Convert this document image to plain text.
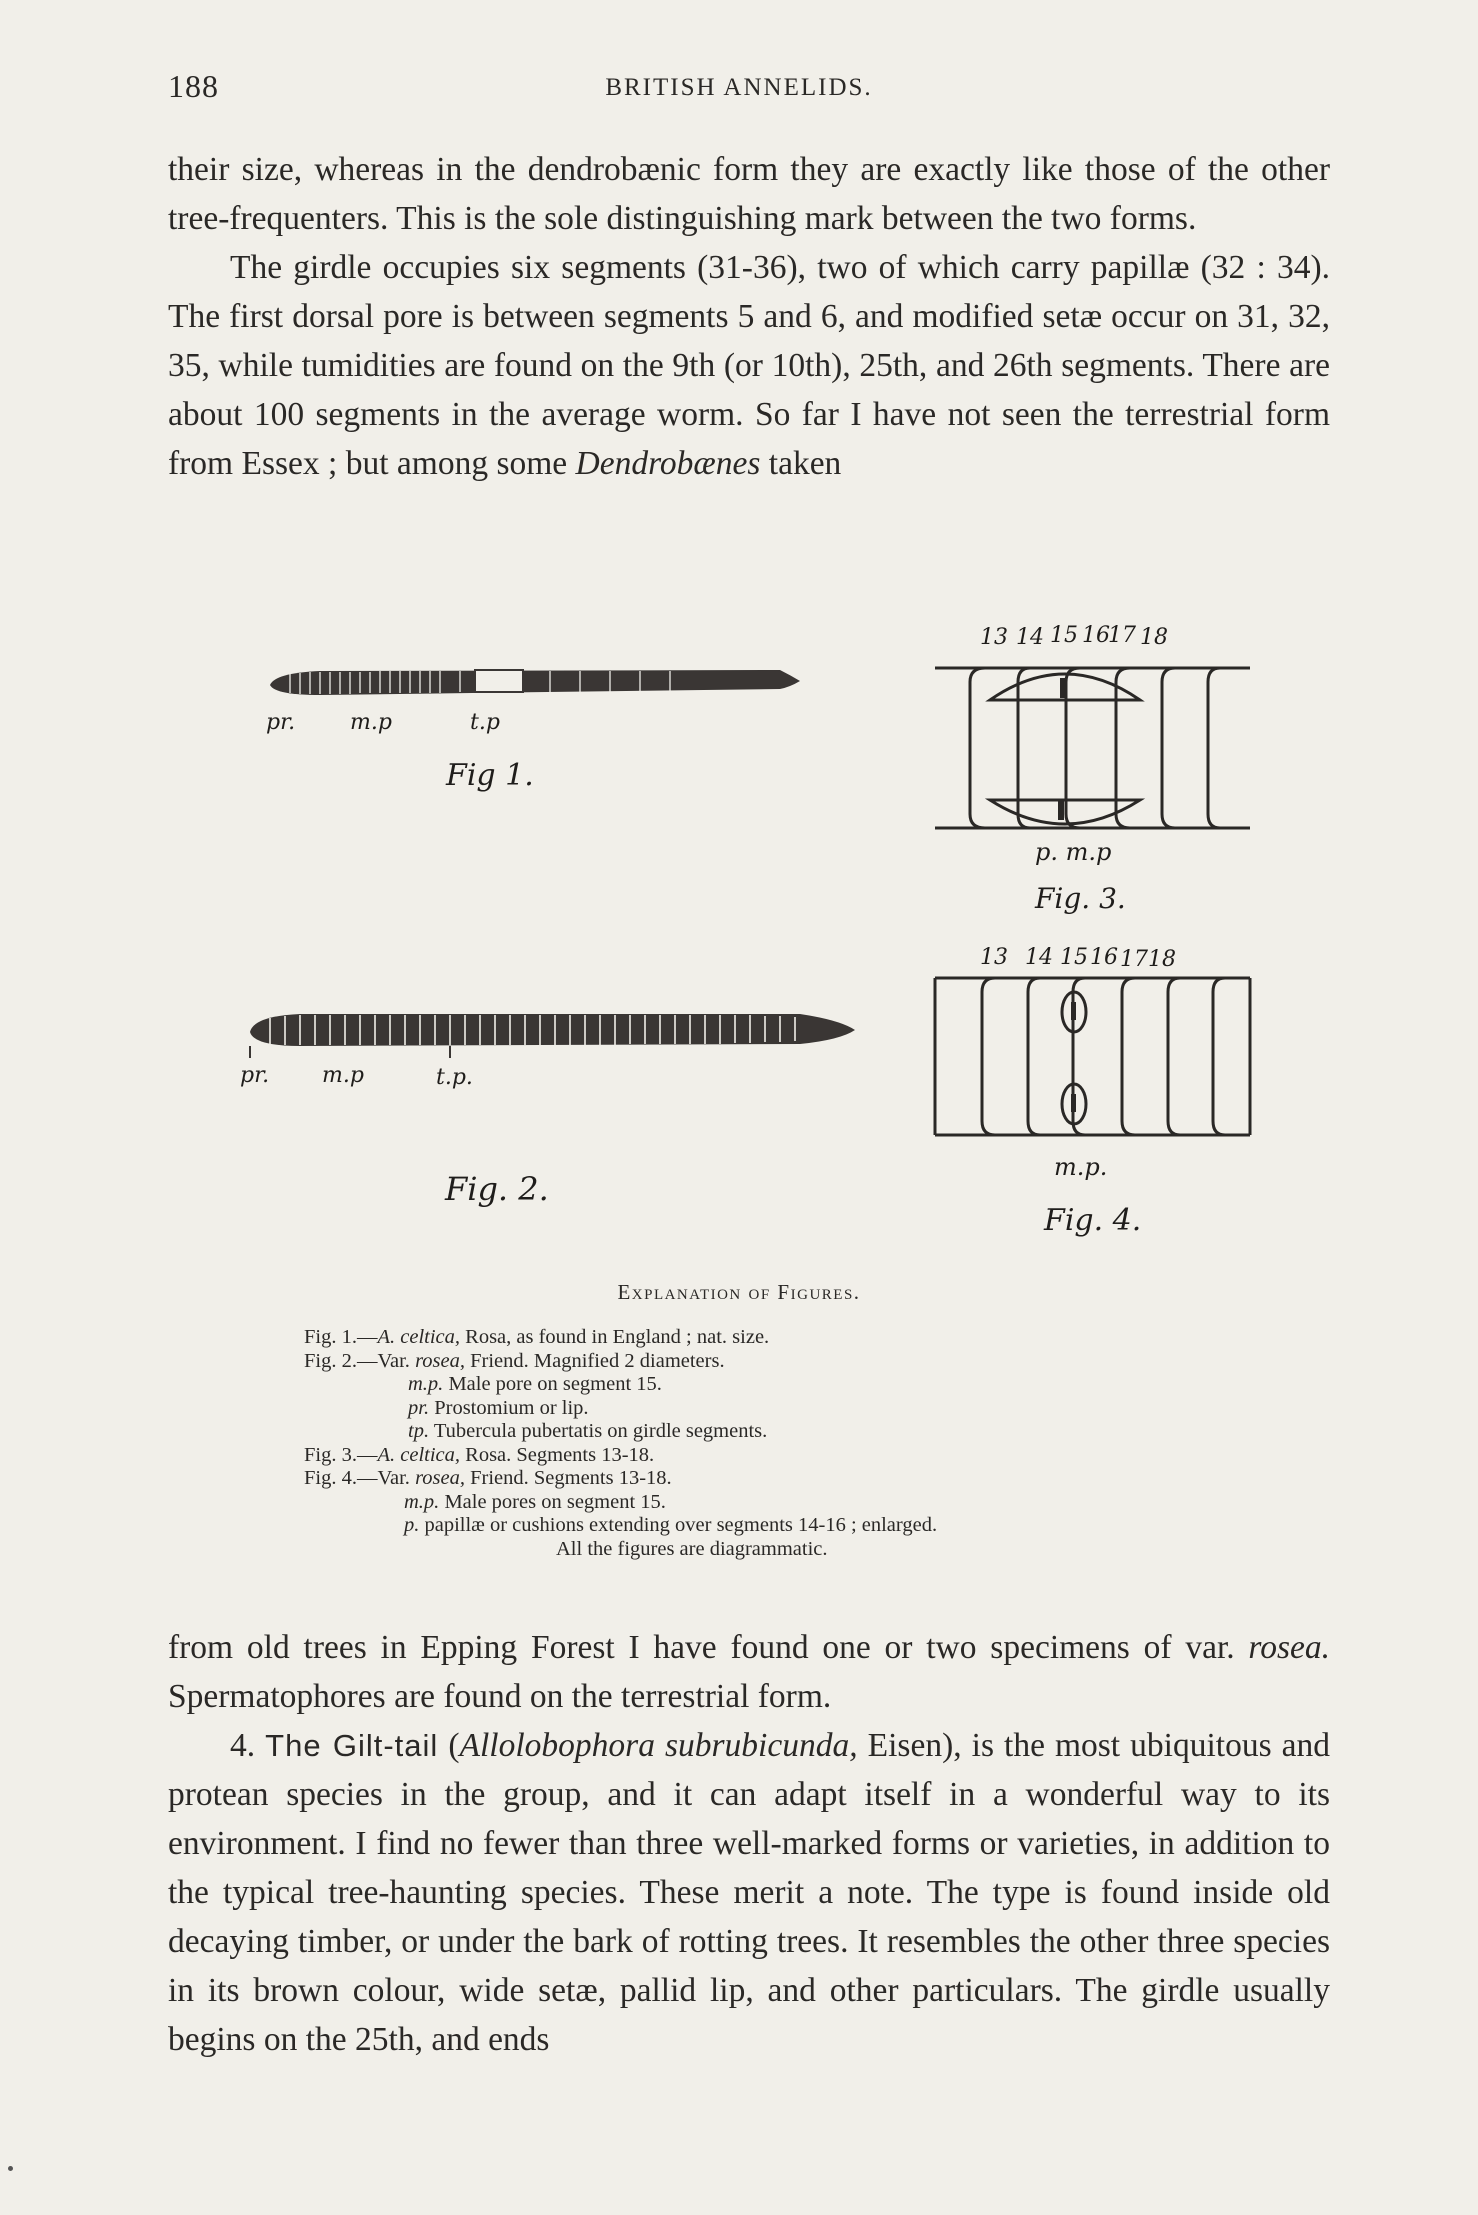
188	BRITISH ANNELIDS.

their size, whereas in the dendrobænic form they are exactly like those of the other tree-frequenters. This is the sole distinguishing mark between the two forms.

The girdle occupies six segments (31-36), two of which carry papillæ (32 : 34). The first dorsal pore is between segments 5 and 6, and modified setæ occur on 31, 32, 35, while tumidities are found on the 9th (or 10th), 25th, and 26th segments. There are about 100 segments in the average worm. So far I have not seen the terrestrial form from Essex ; but among some Dendrobænes taken

pr. m.p	t.p
Fig 1.
pr. m.p	t.p.
Fig. 2.
13 14 15 16
17 18
p. m.p
Fig. 3.
13 14 15 16 17 18
m.p.
Fig. 4.
Explanation of Figures.
Fig. 1.—A. celtica, Rosa, as found in England ; nat. size.
Fig. 2.—Var. rosea, Friend. Magnified 2 diameters.
m.p. Male pore on segment 15.
pr. Prostomium or lip.
tp. Tubercula pubertatis on girdle segments.
Fig. 3.—A. celtica, Rosa. Segments 13-18.
Fig. 4.—Var. rosea, Friend. Segments 13-18.
m.p. Male pores on segment 15.
p. papillæ or cushions extending over segments 14-16 ; enlarged.
All the figures are diagrammatic.

from old trees in Epping Forest I have found one or two specimens of var. rosea. Spermatophores are found on the terrestrial form.

4. The Gilt-tail (Allolobophora subrubicunda, Eisen), is the most ubiquitous and protean species in the group, and it can adapt itself in a wonderful way to its environment. I find no fewer than three well-marked forms or varieties, in addition to the typical tree-haunting species. These merit a note. The type is found inside old decaying timber, or under the bark of rotting trees. It resembles the other three species in its brown colour, wide setæ, pallid lip, and other particulars. The girdle usually begins on the 25th, and ends
